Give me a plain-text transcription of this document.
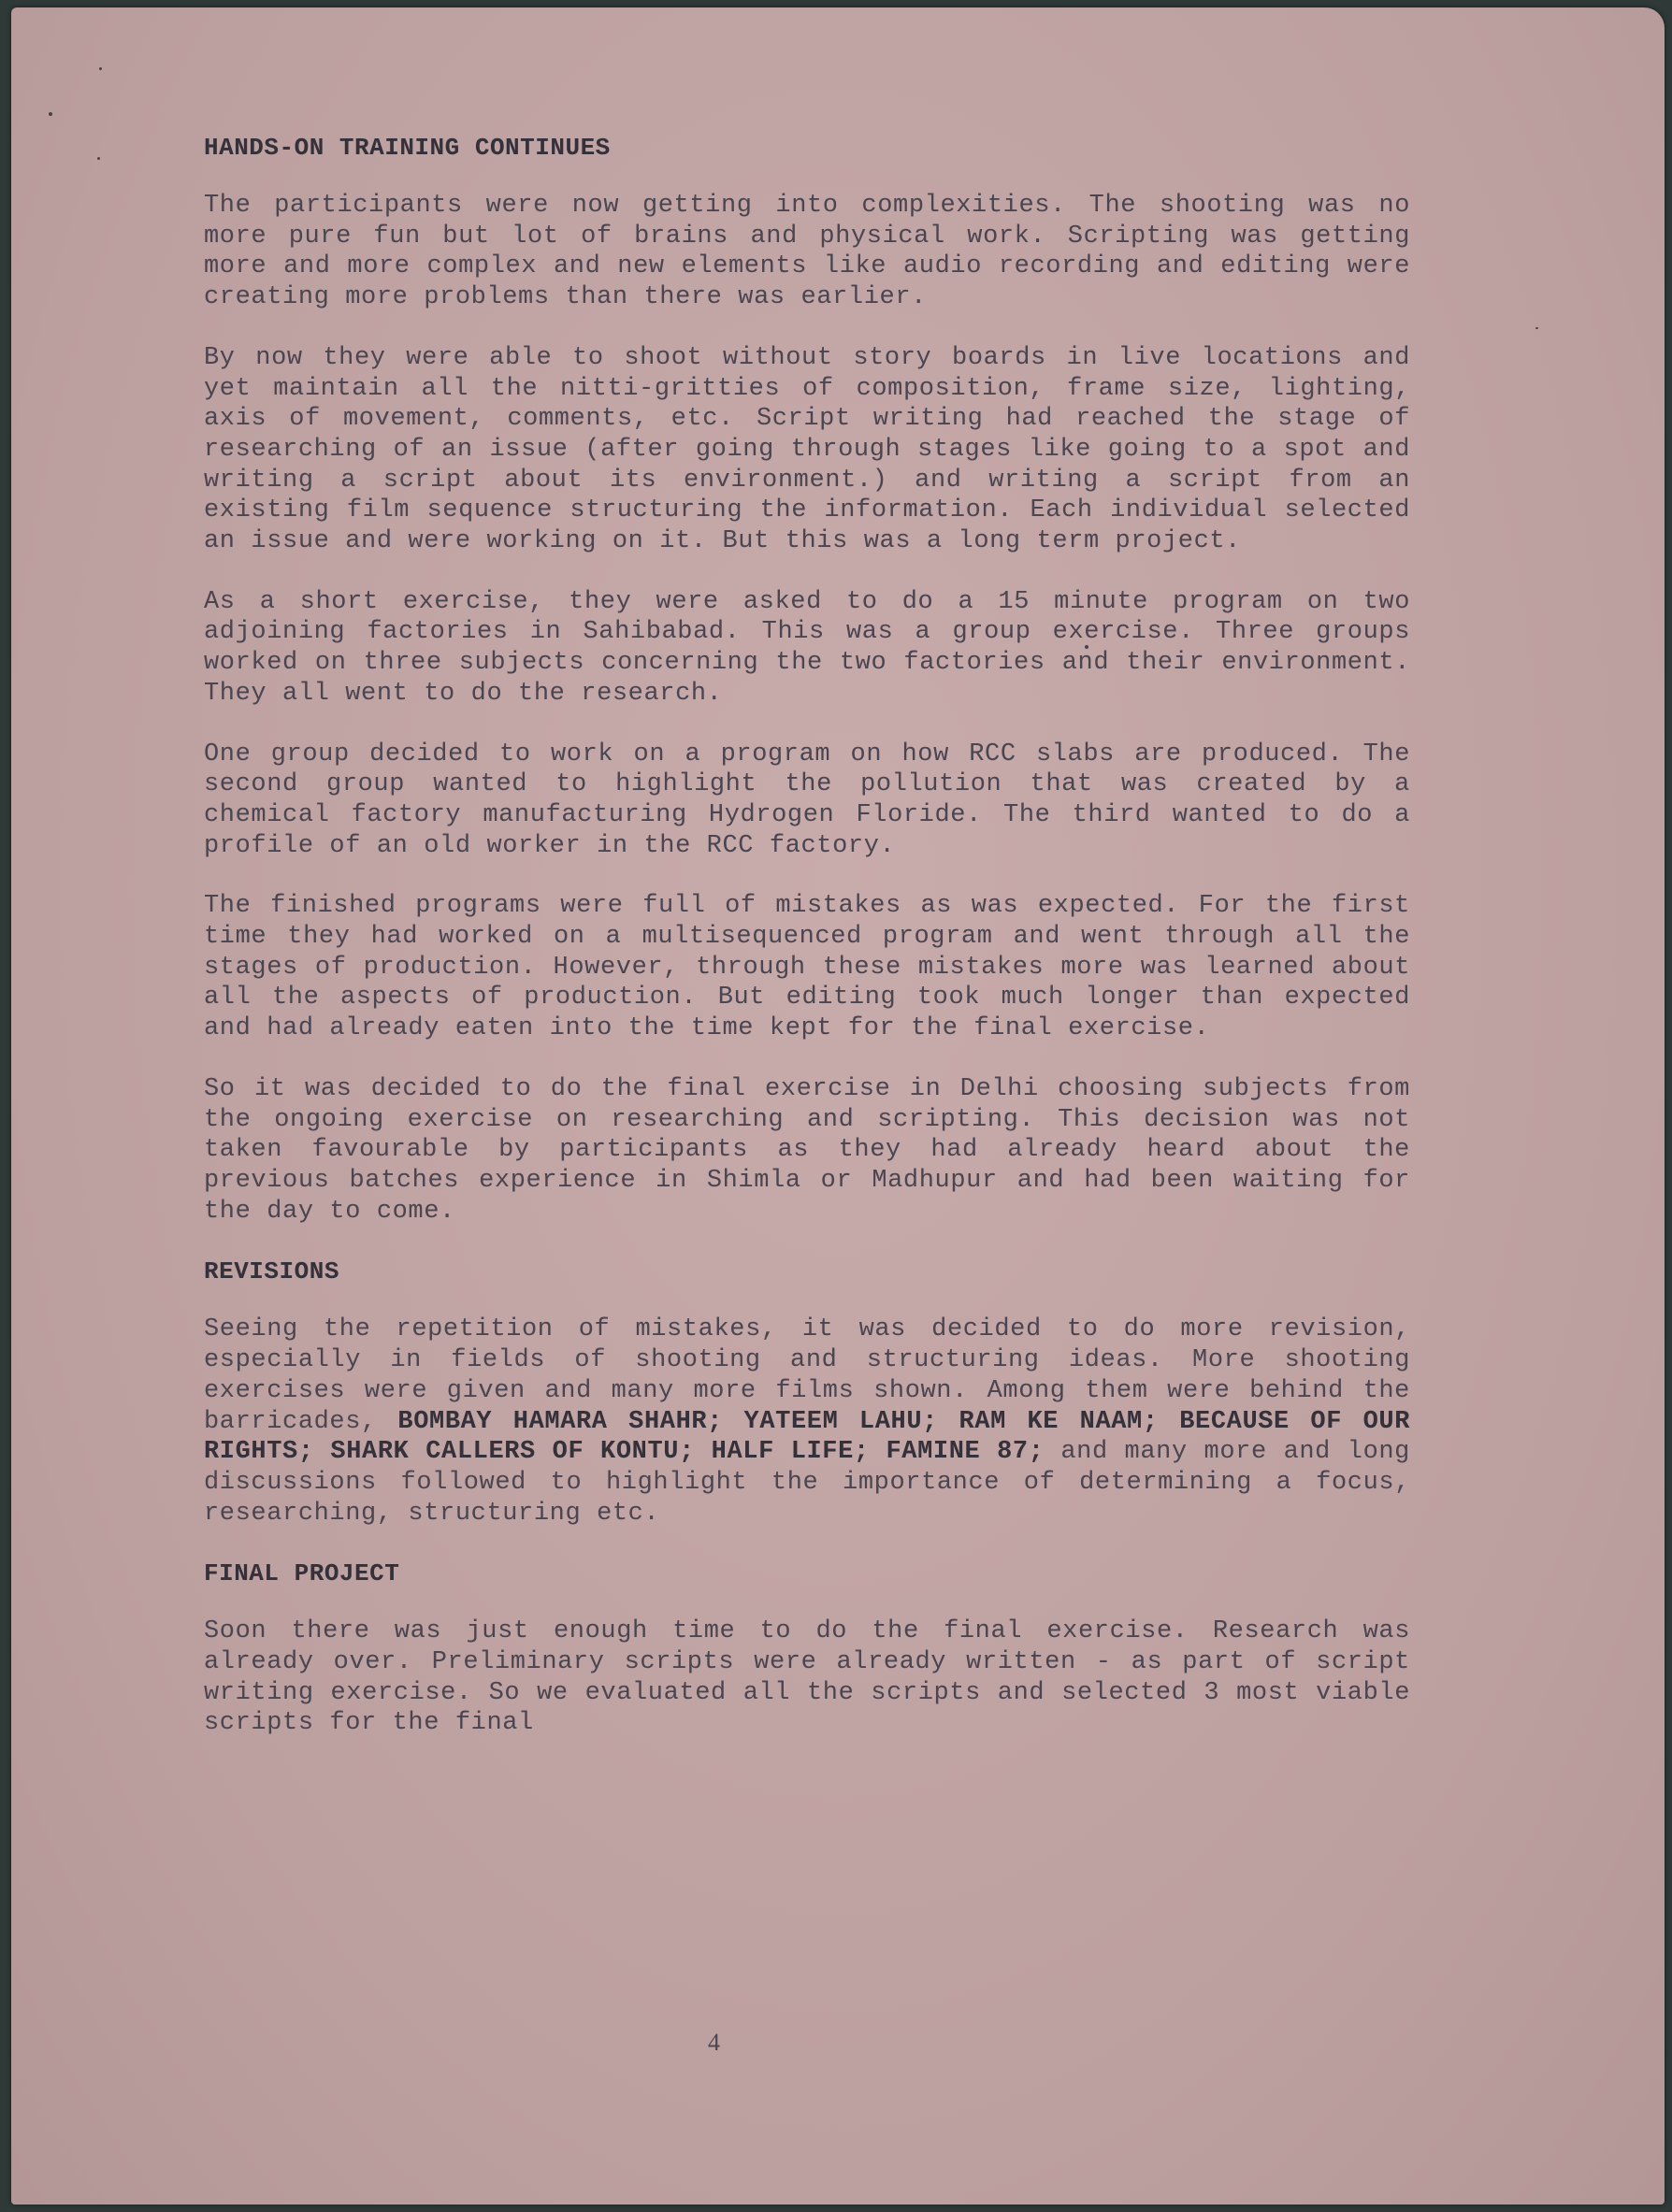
HANDS-ON TRAINING CONTINUES

The participants were now getting into complexities. The shooting was no more pure fun but lot of brains and physical work. Scripting was getting more and more complex and new elements like audio recording and editing were creating more problems than there was earlier.

By now they were able to shoot without story boards in live locations and yet maintain all the nitti-gritties of composition, frame size, lighting, axis of movement, comments, etc. Script writing had reached the stage of researching of an issue (after going through stages like going to a spot and writing a script about its environment.) and writing a script from an existing film sequence structuring the information. Each individual selected an issue and were working on it. But this was a long term project.

As a short exercise, they were asked to do a 15 minute program on two adjoining factories in Sahibabad. This was a group exercise. Three groups worked on three subjects concerning the two factories and their environment. They all went to do the research.

One group decided to work on a program on how RCC slabs are produced. The second group wanted to highlight the pollution that was created by a chemical factory manufacturing Hydrogen Floride. The third wanted to do a profile of an old worker in the RCC factory.

The finished programs were full of mistakes as was expected. For the first time they had worked on a multisequenced program and went through all the stages of production. However, through these mistakes more was learned about all the aspects of production. But editing took much longer than expected and had already eaten into the time kept for the final exercise.

So it was decided to do the final exercise in Delhi choosing subjects from the ongoing exercise on researching and scripting. This decision was not taken favourable by participants as they had already heard about the previous batches experience in Shimla or Madhupur and had been waiting for the day to come.

REVISIONS

Seeing the repetition of mistakes, it was decided to do more revision, especially in fields of shooting and structuring ideas. More shooting exercises were given and many more films shown. Among them were behind the barricades, BOMBAY HAMARA SHAHR; YATEEM LAHU; RAM KE NAAM; BECAUSE OF OUR RIGHTS; SHARK CALLERS OF KONTU; HALF LIFE; FAMINE 87; and many more and long discussions followed to highlight the importance of determining a focus, researching, structuring etc.

FINAL PROJECT

Soon there was just enough time to do the final exercise. Research was already over. Preliminary scripts were already written - as part of script writing exercise. So we evaluated all the scripts and selected 3 most viable scripts for the final

4
